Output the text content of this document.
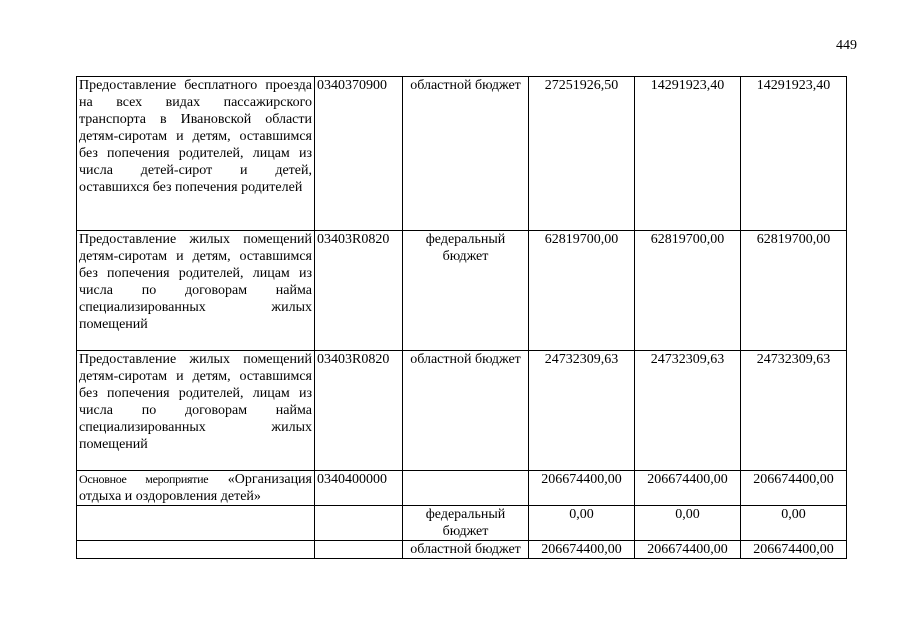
449
Предоставление бесплатного проезда на всех видах пассажирского транспорта в Ивановской области детям-сиротам и детям, оставшимся без попечения родителей, лицам из числа детей-сирот и детей, оставшихся без попечения родителей	0340370900	областной бюджет	27251926,50	14291923,40	14291923,40
Предоставление жилых помещений детям-сиротам и детям, оставшимся без попечения родителей, лицам из числа по договорам найма специализированных жилых помещений	03403R0820	федеральный бюджет	62819700,00	62819700,00	62819700,00
Предоставление жилых помещений детям-сиротам и детям, оставшимся без попечения родителей, лицам из числа по договорам найма специализированных жилых помещений	03403R0820	областной бюджет	24732309,63	24732309,63	24732309,63
Основное мероприятие «Организация отдыха и оздоровления детей»	0340400000		206674400,00	206674400,00	206674400,00
		федеральный бюджет	0,00	0,00	0,00
		областной бюджет	206674400,00	206674400,00	206674400,00
